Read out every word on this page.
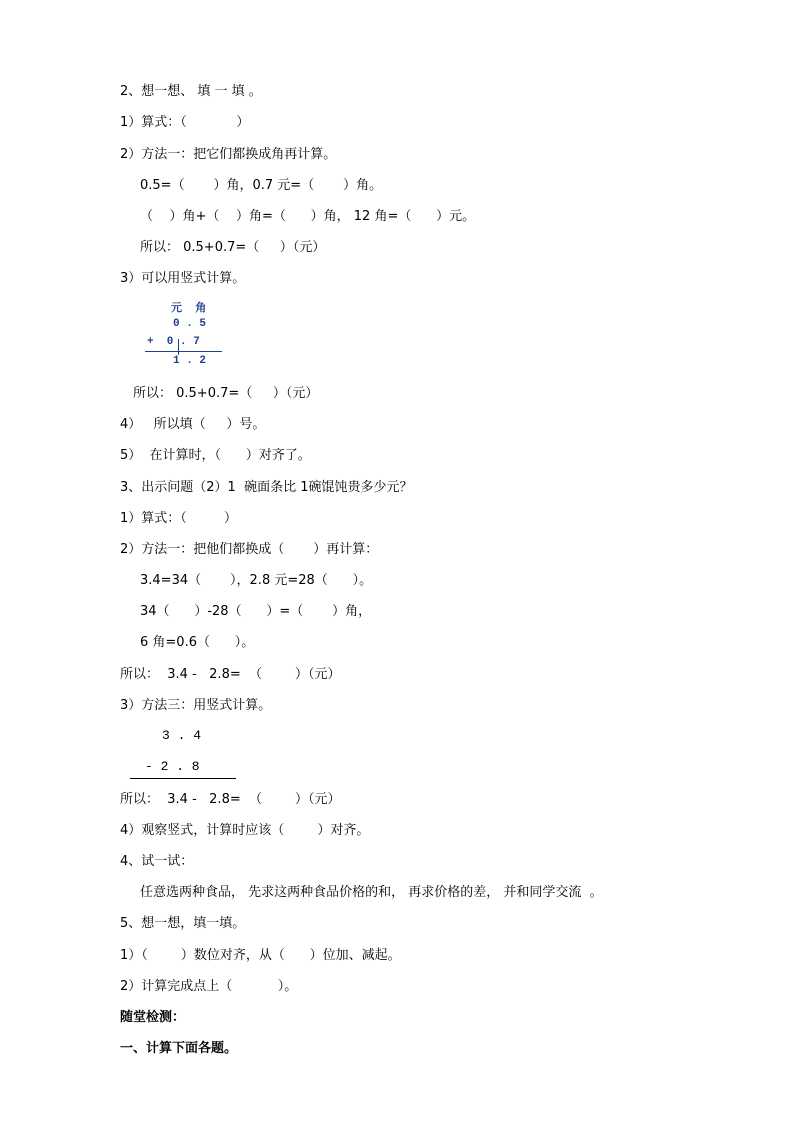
2、想一想、 填 一 填 。
1）算式：（            ）
2）方法一：把它们都换成角再计算。
0.5=（       ）角，0.7 元=（       ）角。
（    ）角+（    ）角=（      ）角， 12 角=（      ）元。
所以： 0.5+0.7=（     ）（元）
3）可以用竖式计算。
元  角
0 . 5
+  0 . 7
1 . 2
所以： 0.5+0.7=（     ）（元）
4）   所以填（     ）号。
5）  在计算时，（      ）对齐了。
3、出示问题（2）1  碗面条比 1碗馄饨贵多少元？
1）算式：（         ）
2）方法一：把他们都换成（       ）再计算：
3.4=34（       ），2.8 元=28（      ）。
34（      ）-28（      ）=（       ）角，
6 角=0.6（      ）。
所以：  3.4 -   2.8=  （        ）（元）
3）方法三：用竖式计算。
3 . 4
- 2 . 8
所以：  3.4 -   2.8=  （        ）（元）
4）观察竖式，计算时应该（        ）对齐。
4、试一试：
任意选两种食品， 先求这两种食品价格的和， 再求价格的差， 并和同学交流  。
5、想一想，填一填。
1）（        ）数位对齐，从（      ）位加、减起。
2）计算完成点上（           ）。
随堂检测：
一、计算下面各题。
